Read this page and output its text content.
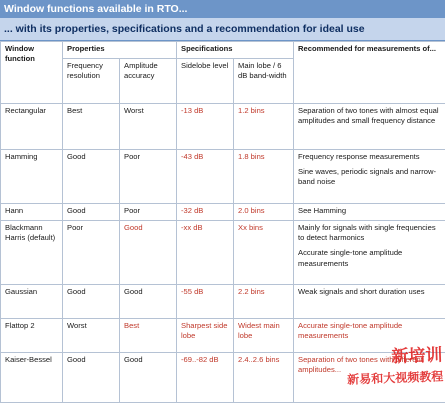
Window functions available in RTO...
... with its properties, specifications and a recommendation for ideal use
Window function	Properties		Specifications		Recommended for measurements of...
	Frequency resolution	Amplitude accuracy	Sidelobe level	Main lobe / 6 dB band-width	
Rectangular	Best	Worst	-13 dB	1.2 bins	Separation of two tones with almost equal amplitudes and small frequency distance

Hamming	Good	Poor	-43 dB	1.8 bins	Frequency response measurements

Sine waves, periodic signals and narrow-band noise

Hann	Good	Poor	-32 dB	2.0 bins	See Hamming
Blackmann Harris (default)	Poor	Good	-xx dB	Xx bins	Mainly for signals with single frequencies to detect harmonics

Accurate single-tone amplitude measurements

Gaussian	Good	Good	-55 dB	2.2 bins	Weak signals and short duration uses
Flattop 2	Worst	Best	Sharpest side lobe	Widest main lobe	Accurate single-tone amplitude measurements
Kaiser-Bessel	Good	Good	-69..-82 dB	2.4..2.6 bins	Separation of two tones with different amplitudes...
新培训
新易和大视频教程
